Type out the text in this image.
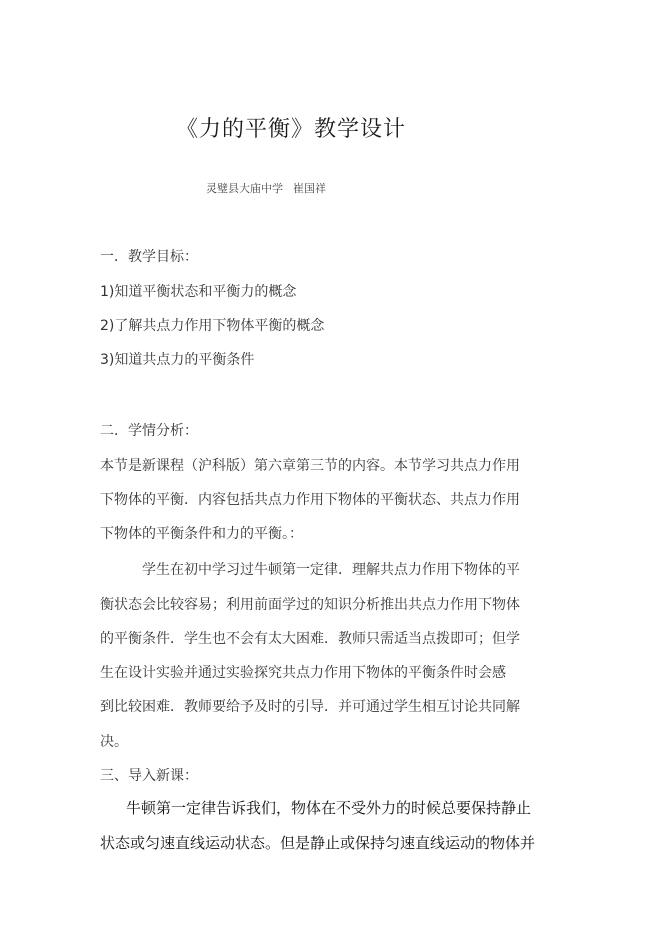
《力的平衡》教学设计
灵璧县大庙中学 崔国祥
一．教学目标：
1)知道平衡状态和平衡力的概念
2)了解共点力作用下物体平衡的概念
3)知道共点力的平衡条件
二．学情分析：
本节是新课程（沪科版）第六章第三节的内容。本节学习共点力作用
下物体的平衡．内容包括共点力作用下物体的平衡状态、共点力作用
下物体的平衡条件和力的平衡。：
学生在初中学习过牛顿第一定律．理解共点力作用下物体的平
衡状态会比较容易；利用前面学过的知识分析推出共点力作用下物体
的平衡条件．学生也不会有太大困难．教师只需适当点拨即可；但学
生在设计实验并通过实验探究共点力作用下物体的平衡条件时会感
到比较困难．教师要给予及时的引导．并可通过学生相互讨论共同解
决。
三、导入新课：
牛顿第一定律告诉我们，物体在不受外力的时候总要保持静止
状态或匀速直线运动状态。但是静止或保持匀速直线运动的物体并
